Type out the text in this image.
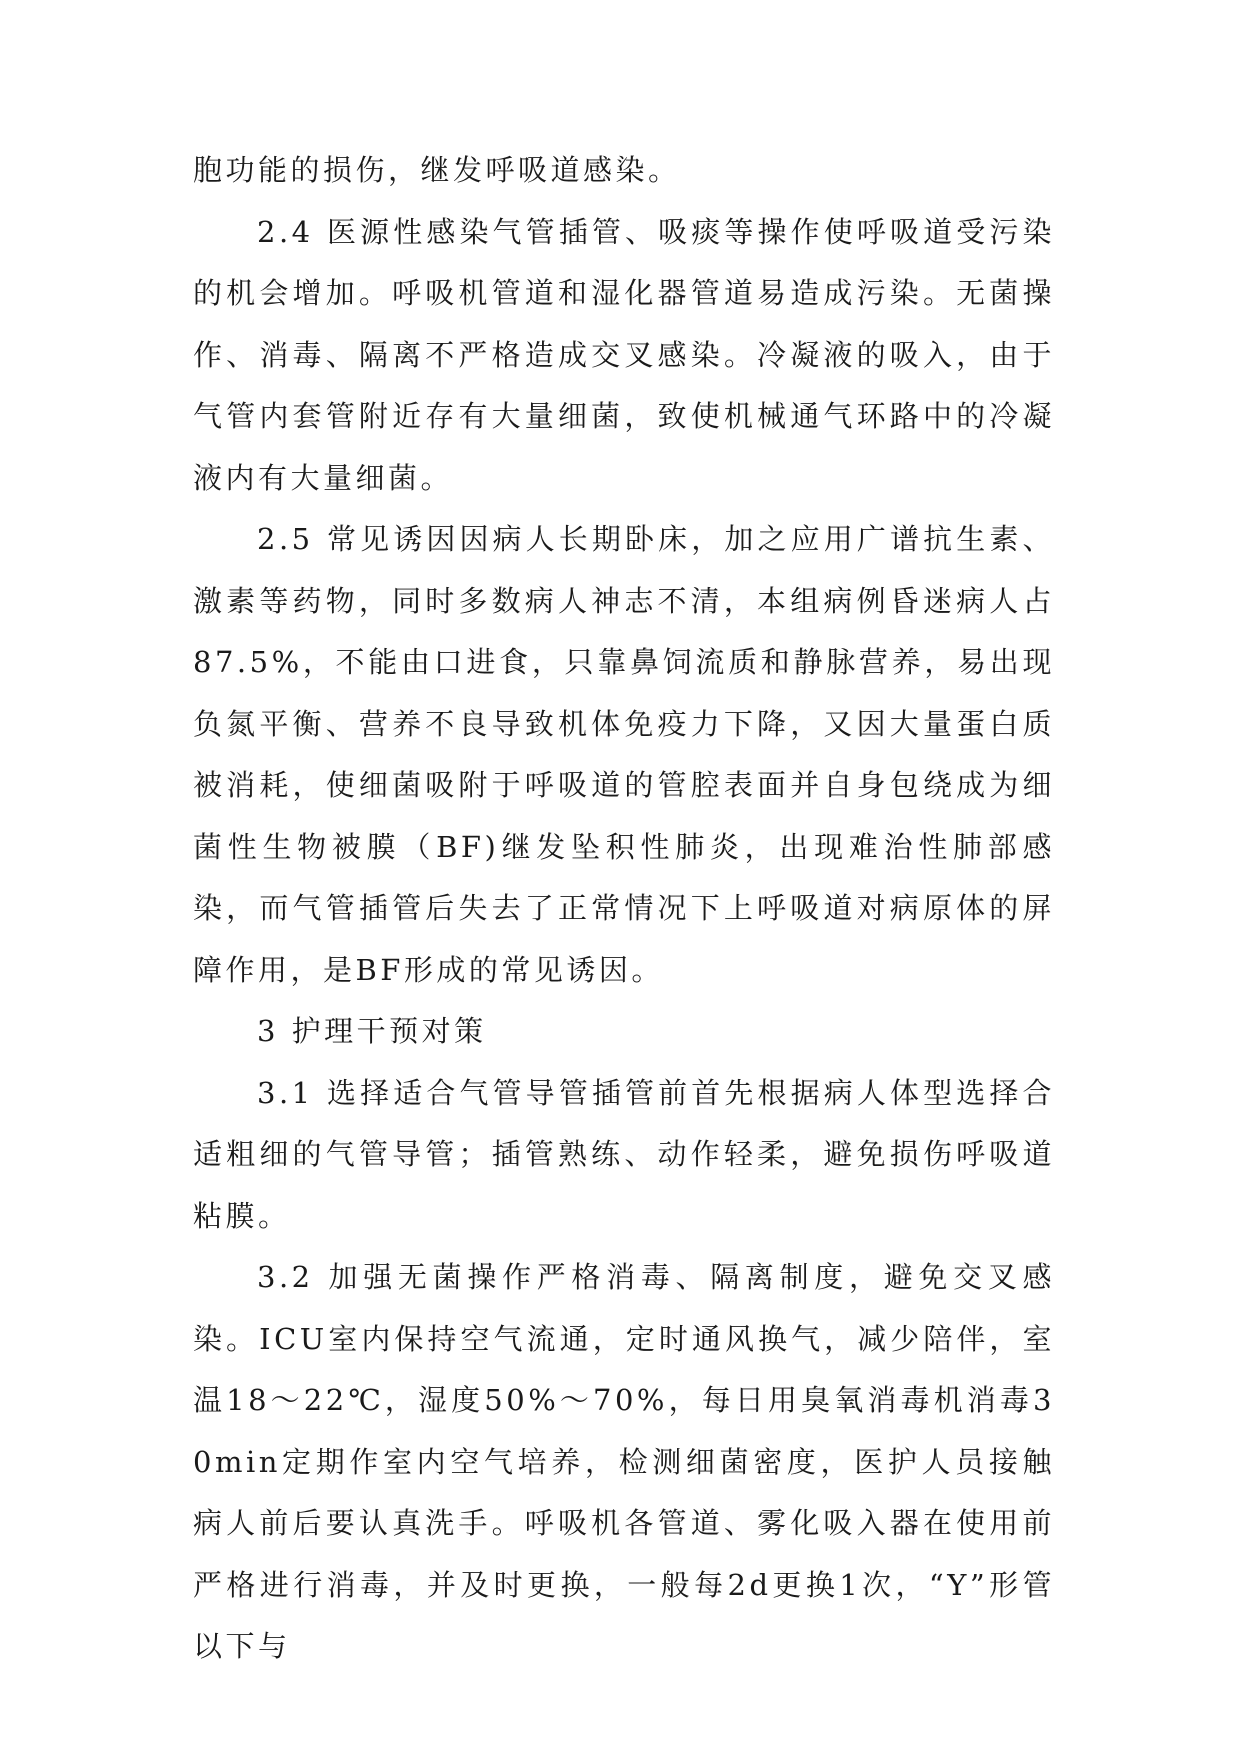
胞功能的损伤，继发呼吸道感染。

2.4 医源性感染气管插管、吸痰等操作使呼吸道受污染的机会增加。呼吸机管道和湿化器管道易造成污染。无菌操作、消毒、隔离不严格造成交叉感染。冷凝液的吸入，由于气管内套管附近存有大量细菌，致使机械通气环路中的冷凝液内有大量细菌。

2.5 常见诱因因病人长期卧床，加之应用广谱抗生素、激素等药物，同时多数病人神志不清，本组病例昏迷病人占87.5%，不能由口进食，只靠鼻饲流质和静脉营养，易出现负氮平衡、营养不良导致机体免疫力下降，又因大量蛋白质被消耗，使细菌吸附于呼吸道的管腔表面并自身包绕成为细菌性生物被膜（BF)继发坠积性肺炎，出现难治性肺部感染，而气管插管后失去了正常情况下上呼吸道对病原体的屏障作用，是BF形成的常见诱因。

3 护理干预对策

3.1 选择适合气管导管插管前首先根据病人体型选择合适粗细的气管导管；插管熟练、动作轻柔，避免损伤呼吸道粘膜。

3.2 加强无菌操作严格消毒、隔离制度，避免交叉感染。ICU室内保持空气流通，定时通风换气，减少陪伴，室温18～22℃，湿度50%～70%，每日用臭氧消毒机消毒30min定期作室内空气培养，检测细菌密度，医护人员接触病人前后要认真洗手。呼吸机各管道、雾化吸入器在使用前严格进行消毒，并及时更换，一般每2d更换1次，“Y”形管以下与
